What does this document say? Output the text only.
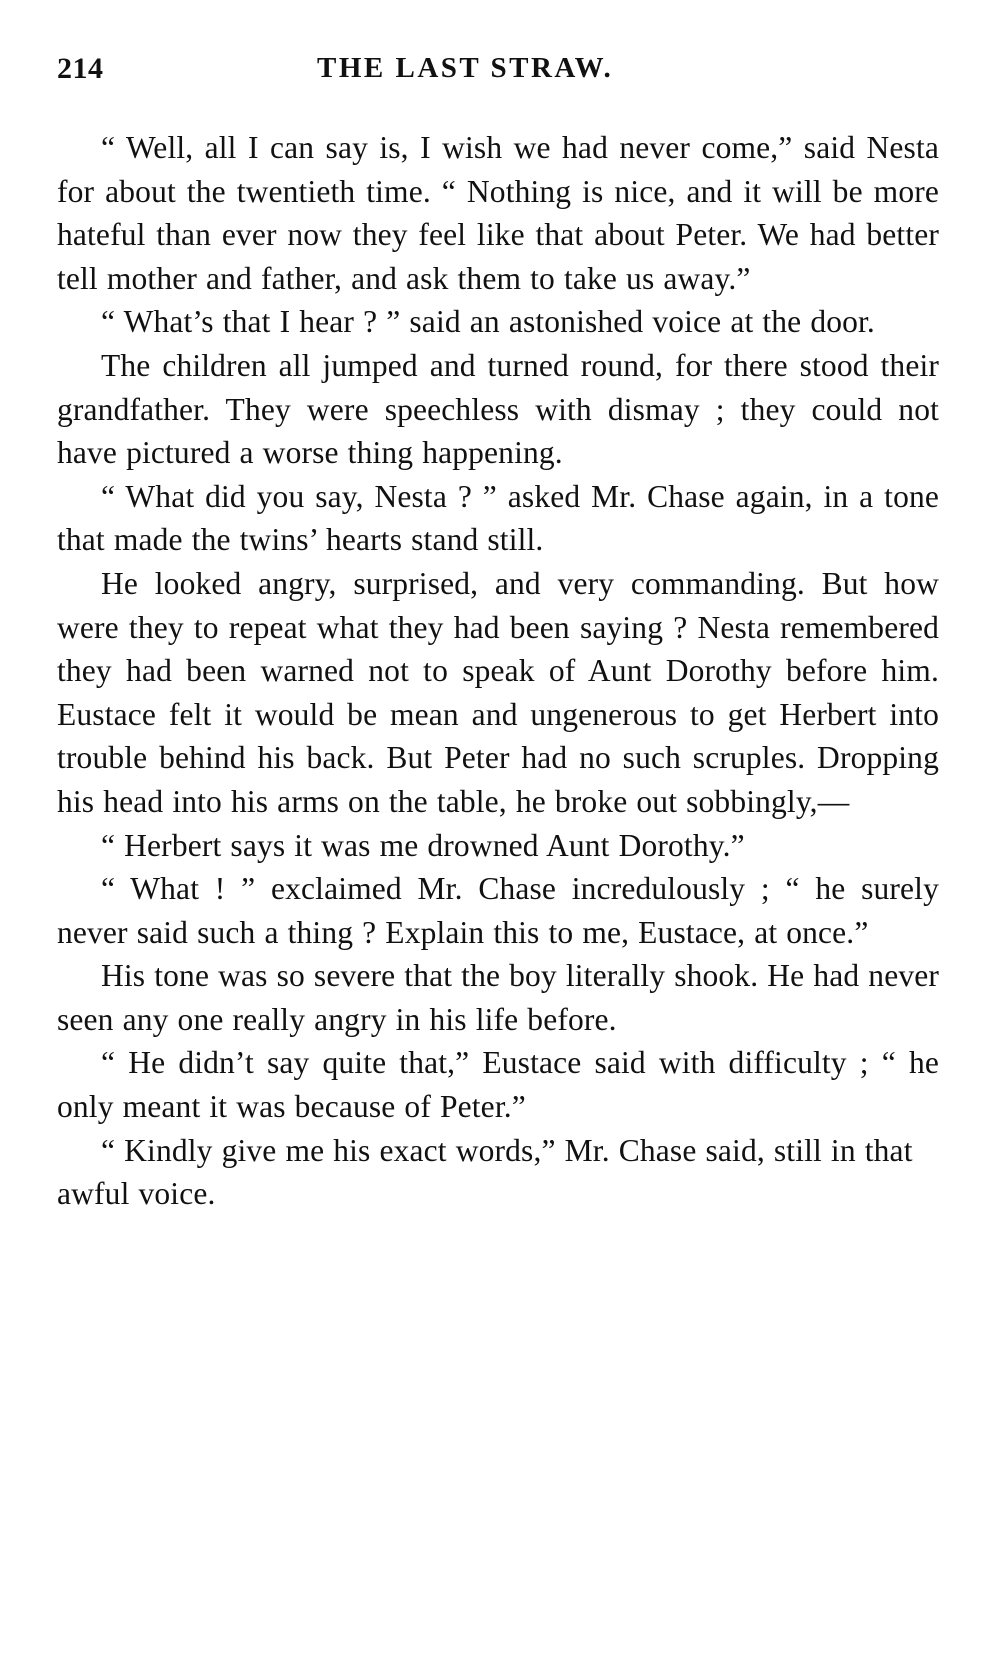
214	THE LAST STRAW.

“ Well, all I can say is, I wish we had never come,” said Nesta for about the twentieth time. “ Nothing is nice, and it will be more hateful than ever now they feel like that about Peter. We had better tell mother and father, and ask them to take us away.”

“ What’s that I hear ? ” said an astonished voice at the door.

The children all jumped and turned round, for there stood their grandfather. They were speechless with dismay ; they could not have pictured a worse thing happening.

“ What did you say, Nesta ? ” asked Mr. Chase again, in a tone that made the twins’ hearts stand still.

He looked angry, surprised, and very commanding. But how were they to repeat what they had been saying ? Nesta remembered they had been warned not to speak of Aunt Dorothy before him. Eustace felt it would be mean and ungenerous to get Herbert into trouble behind his back. But Peter had no such scruples. Dropping his head into his arms on the table, he broke out sobbingly,—

“ Herbert says it was me drowned Aunt Dorothy.”

“ What ! ” exclaimed Mr. Chase incredulously ; “ he surely never said such a thing ? Explain this to me, Eustace, at once.”

His tone was so severe that the boy literally shook. He had never seen any one really angry in his life before.

“ He didn’t say quite that,” Eustace said with difficulty ; “ he only meant it was because of Peter.”

“ Kindly give me his exact words,” Mr. Chase said, still in that awful voice.
